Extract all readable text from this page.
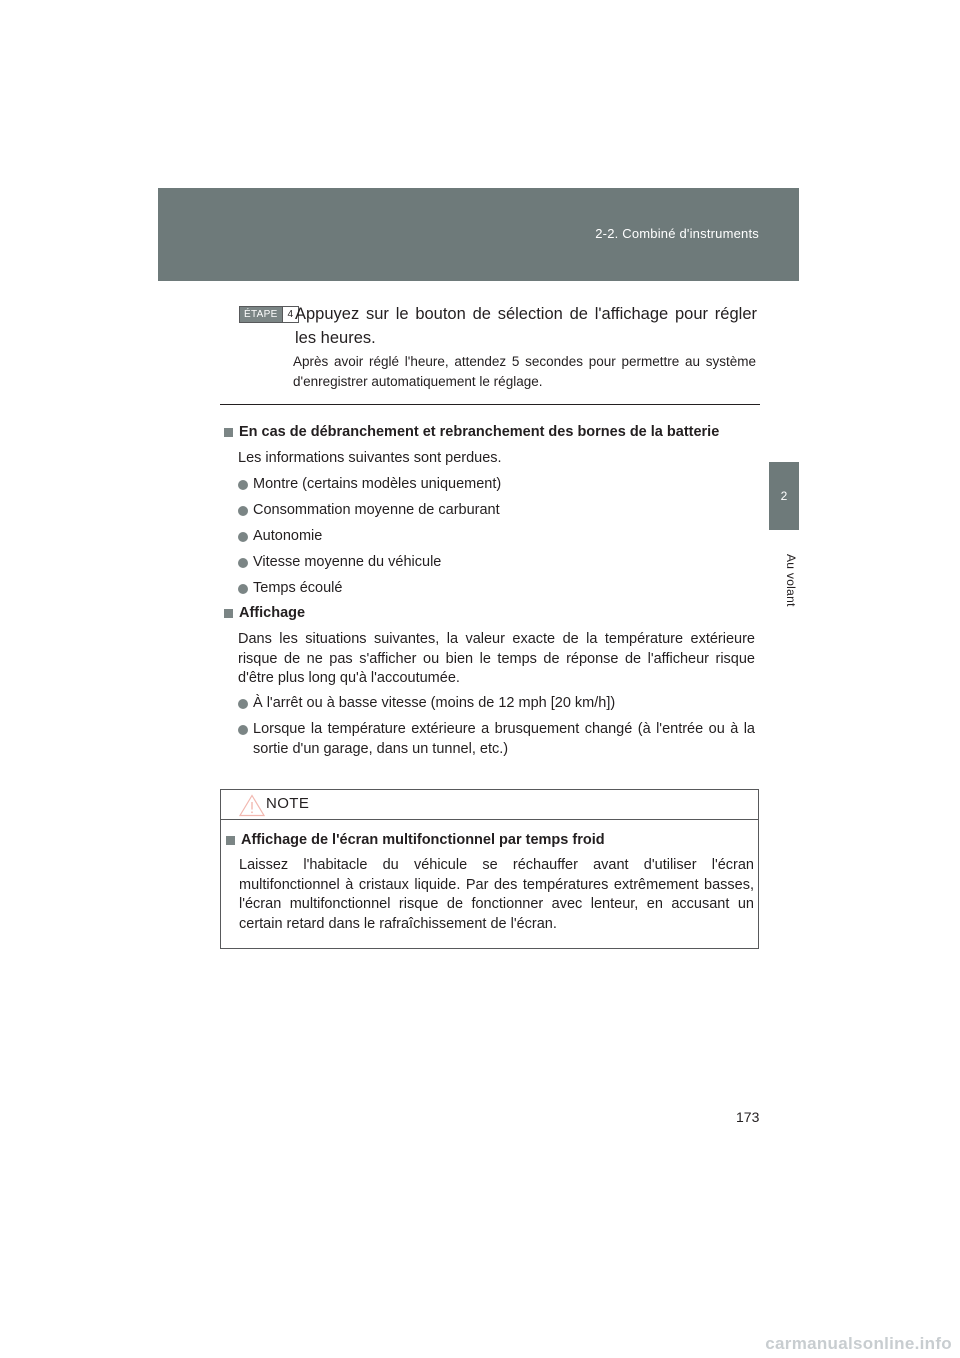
2-2. Combiné d'instruments
2
Au volant
ÉTAPE	4 Appuyez sur le bouton de sélection de l'affichage pour régler les heures.
Après avoir réglé l'heure, attendez 5 secondes pour permettre au système d'enregistrer automatiquement le réglage.
En cas de débranchement et rebranchement des bornes de la batterie
Les informations suivantes sont perdues.
Montre (certains modèles uniquement)
Consommation moyenne de carburant
Autonomie
Vitesse moyenne du véhicule
Temps écoulé
Affichage
Dans les situations suivantes, la valeur exacte de la température extérieure risque de ne pas s'afficher ou bien le temps de réponse de l'afficheur risque d'être plus long qu'à l'accoutumée.
À l'arrêt ou à basse vitesse (moins de 12 mph [20 km/h])
Lorsque la température extérieure a brusquement changé (à l'entrée ou à la sortie d'un garage, dans un tunnel, etc.)
NOTE
Affichage de l'écran multifonctionnel par temps froid
Laissez l'habitacle du véhicule se réchauffer avant d'utiliser l'écran multifonctionnel à cristaux liquide. Par des températures extrêmement basses, l'écran multifonctionnel risque de fonctionner avec lenteur, en accusant un certain retard dans le rafraîchissement de l'écran.
173
carmanualsonline.info
